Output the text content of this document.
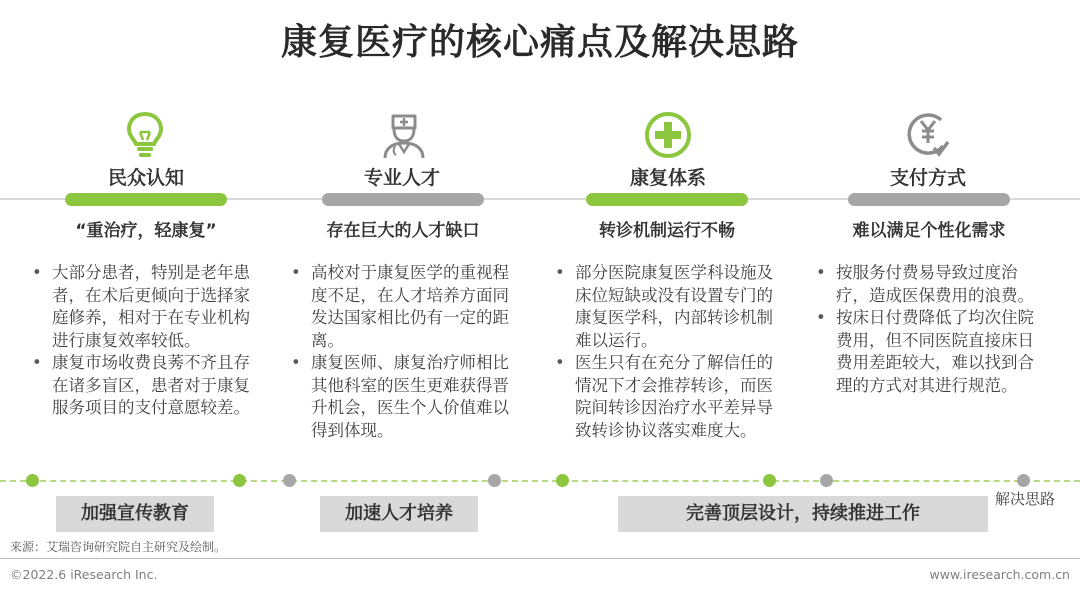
康复医疗的核心痛点及解决思路
民众认知	专业人才	康复体系	支付方式
“重治疗，轻康复”	存在巨大的人才缺口	转诊机制运行不畅	难以满足个性化需求
• 大部分患者，特别是老年患者，在术后更倾向于选择家庭修养，相对于在专业机构进行康复效率较低。
• 康复市场收费良莠不齐且存在诸多盲区，患者对于康复服务项目的支付意愿较差。
• 高校对于康复医学的重视程度不足，在人才培养方面同发达国家相比仍有一定的距离。
• 康复医师、康复治疗师相比其他科室的医生更难获得晋升机会，医生个人价值难以得到体现。
• 部分医院康复医学科设施及床位短缺或没有设置专门的康复医学科，内部转诊机制难以运行。
• 医生只有在充分了解信任的情况下才会推荐转诊，而医院间转诊因治疗水平差异导致转诊协议落实难度大。
• 按服务付费易导致过度治疗，造成医保费用的浪费。
• 按床日付费降低了均次住院费用，但不同医院直接床日费用差距较大，难以找到合理的方式对其进行规范。
解决思路
加强宣传教育	加速人才培养	完善顶层设计，持续推进工作
来源：艾瑞咨询研究院自主研究及绘制。
©2022.6 iResearch Inc.	www.iresearch.com.cn
